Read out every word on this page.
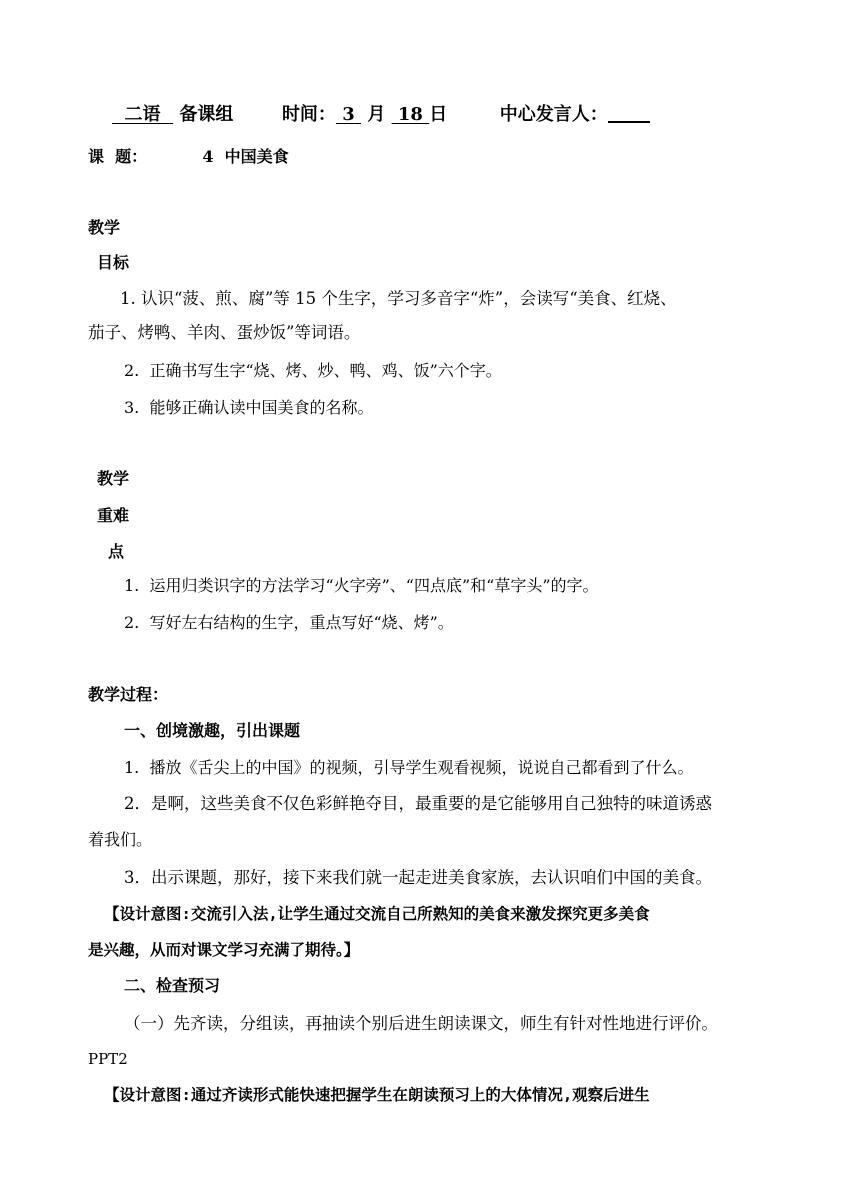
二语 备课组	时间： 3 月 18 日	中心发言人：
课  题：	4  中国美食
教学
目标
1. 认识“菠、煎、腐”等 15 个生字，学习多音字“炸”，会读写“美食、红烧、
茄子、烤鸭、羊肉、蛋炒饭”等词语。
2.  正确书写生字“烧、烤、炒、鸭、鸡、饭”六个字。
3.  能够正确认读中国美食的名称。
教学
重难
点
1.  运用归类识字的方法学习“火字旁”、“四点底”和“草字头”的字。
2.  写好左右结构的生字，重点写好“烧、烤”。
教学过程：
一、创境激趣，引出课题
1.  播放《舌尖上的中国》的视频，引导学生观看视频，说说自己都看到了什么。
2．是啊，这些美食不仅色彩鲜艳夺目，最重要的是它能够用自己独特的味道诱惑
着我们。
3．出示课题，那好，接下来我们就一起走进美食家族，去认识咱们中国的美食。
【设计意图:交流引入法,让学生通过交流自己所熟知的美食来激发探究更多美食
是兴趣，从而对课文学习充满了期待。】
二、检查预习
（一）先齐读，分组读，再抽读个别后进生朗读课文，师生有针对性地进行评价。
PPT2
【设计意图:通过齐读形式能快速把握学生在朗读预习上的大体情况,观察后进生
